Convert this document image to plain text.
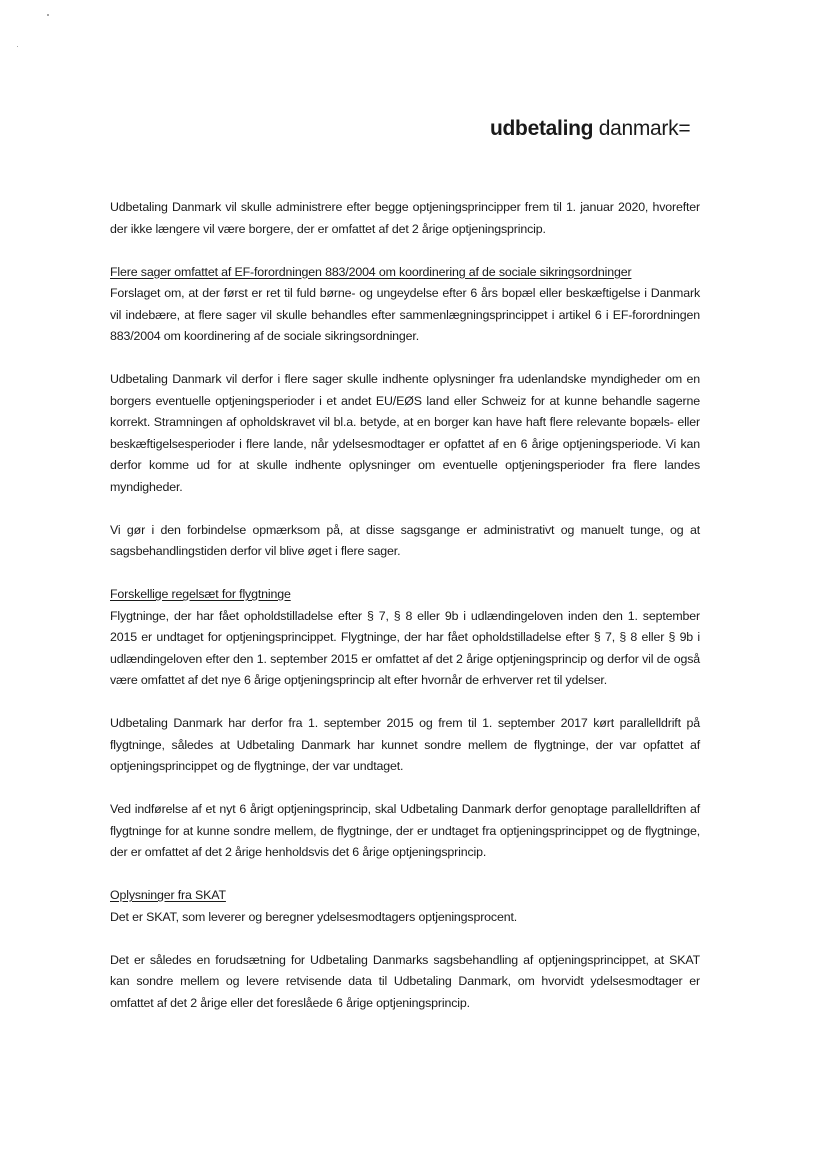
udbetaling danmark=

Udbetaling Danmark vil skulle administrere efter begge optjeningsprincipper frem til 1. januar 2020, hvorefter der ikke længere vil være borgere, der er omfattet af det 2 årige optjeningsprincip.

Flere sager omfattet af EF-forordningen 883/2004 om koordinering af de sociale sikringsordninger

Forslaget om, at der først er ret til fuld børne- og ungeydelse efter 6 års bopæl eller beskæftigelse i Danmark vil indebære, at flere sager vil skulle behandles efter sammenlægningsprincippet i artikel 6 i EF-forordningen 883/2004 om koordinering af de sociale sikringsordninger.

Udbetaling Danmark vil derfor i flere sager skulle indhente oplysninger fra udenlandske myndigheder om en borgers eventuelle optjeningsperioder i et andet EU/EØS land eller Schweiz for at kunne behandle sagerne korrekt. Stramningen af opholdskravet vil bl.a. betyde, at en borger kan have haft flere relevante bopæls- eller beskæftigelsesperioder i flere lande, når ydelsesmodtager er opfattet af en 6 årige optjeningsperiode. Vi kan derfor komme ud for at skulle indhente oplysninger om eventuelle optjeningsperioder fra flere landes myndigheder.

Vi gør i den forbindelse opmærksom på, at disse sagsgange er administrativt og manuelt tunge, og at sagsbehandlingstiden derfor vil blive øget i flere sager.

Forskellige regelsæt for flygtninge

Flygtninge, der har fået opholdstilladelse efter § 7, § 8 eller 9b i udlændingeloven inden den 1. september 2015 er undtaget for optjeningsprincippet. Flygtninge, der har fået opholdstilladelse efter § 7, § 8 eller § 9b i udlændingeloven efter den 1. september 2015 er omfattet af det 2 årige optjeningsprincip og derfor vil de også være omfattet af det nye 6 årige optjeningsprincip alt efter hvornår de erhverver ret til ydelser.

Udbetaling Danmark har derfor fra 1. september 2015 og frem til 1. september 2017 kørt parallelldrift på flygtninge, således at Udbetaling Danmark har kunnet sondre mellem de flygtninge, der var opfattet af optjeningsprincippet og de flygtninge, der var undtaget.

Ved indførelse af et nyt 6 årigt optjeningsprincip, skal Udbetaling Danmark derfor genoptage parallelldriften af flygtninge for at kunne sondre mellem, de flygtninge, der er undtaget fra optjeningsprincippet og de flygtninge, der er omfattet af det 2 årige henholdsvis det 6 årige optjeningsprincip.

Oplysninger fra SKAT

Det er SKAT, som leverer og beregner ydelsesmodtagers optjeningsprocent.

Det er således en forudsætning for Udbetaling Danmarks sagsbehandling af optjeningsprincippet, at SKAT kan sondre mellem og levere retvisende data til Udbetaling Danmark, om hvorvidt ydelsesmodtager er omfattet af det 2 årige eller det foreslåede 6 årige optjeningsprincip.
